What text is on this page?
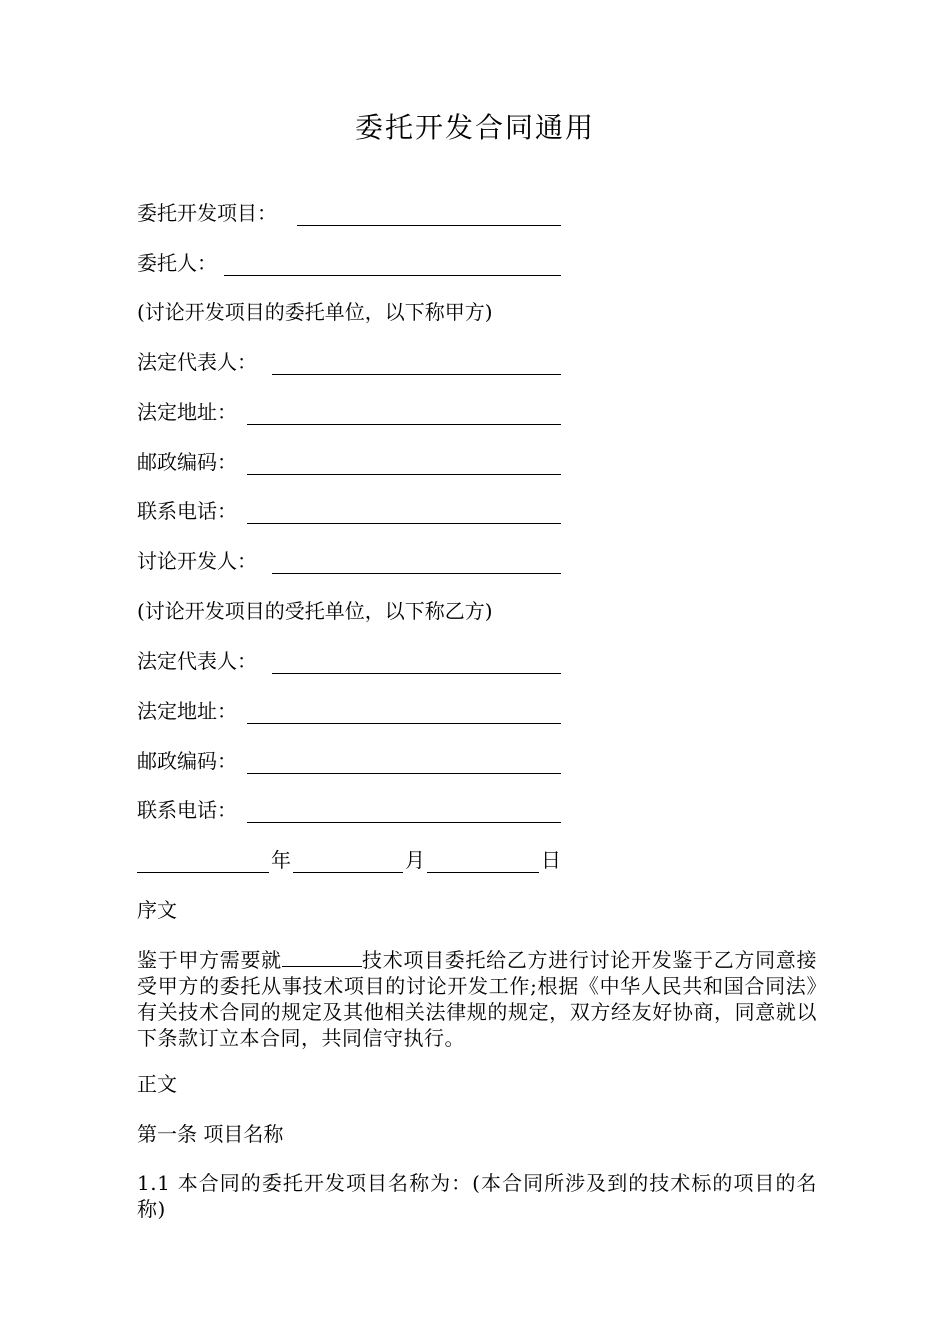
委托开发合同通用
委托开发项目：
委托人：
(讨论开发项目的委托单位，以下称甲方)
法定代表人：
法定地址：
邮政编码：
联系电话：
讨论开发人：
(讨论开发项目的受托单位，以下称乙方)
法定代表人：
法定地址：
邮政编码：
联系电话：
年	月	日
序文
鉴于甲方需要就	技术项目委托给乙方进行讨论开发鉴于乙方同意接受甲方的委托从事技术项目的讨论开发工作;根据《中华人民共和国合同法》有关技术合同的规定及其他相关法律规的规定，双方经友好协商，同意就以下条款订立本合同，共同信守执行。
正文
第一条 项目名称
1.1 本合同的委托开发项目名称为：(本合同所涉及到的技术标的项目的名称)
